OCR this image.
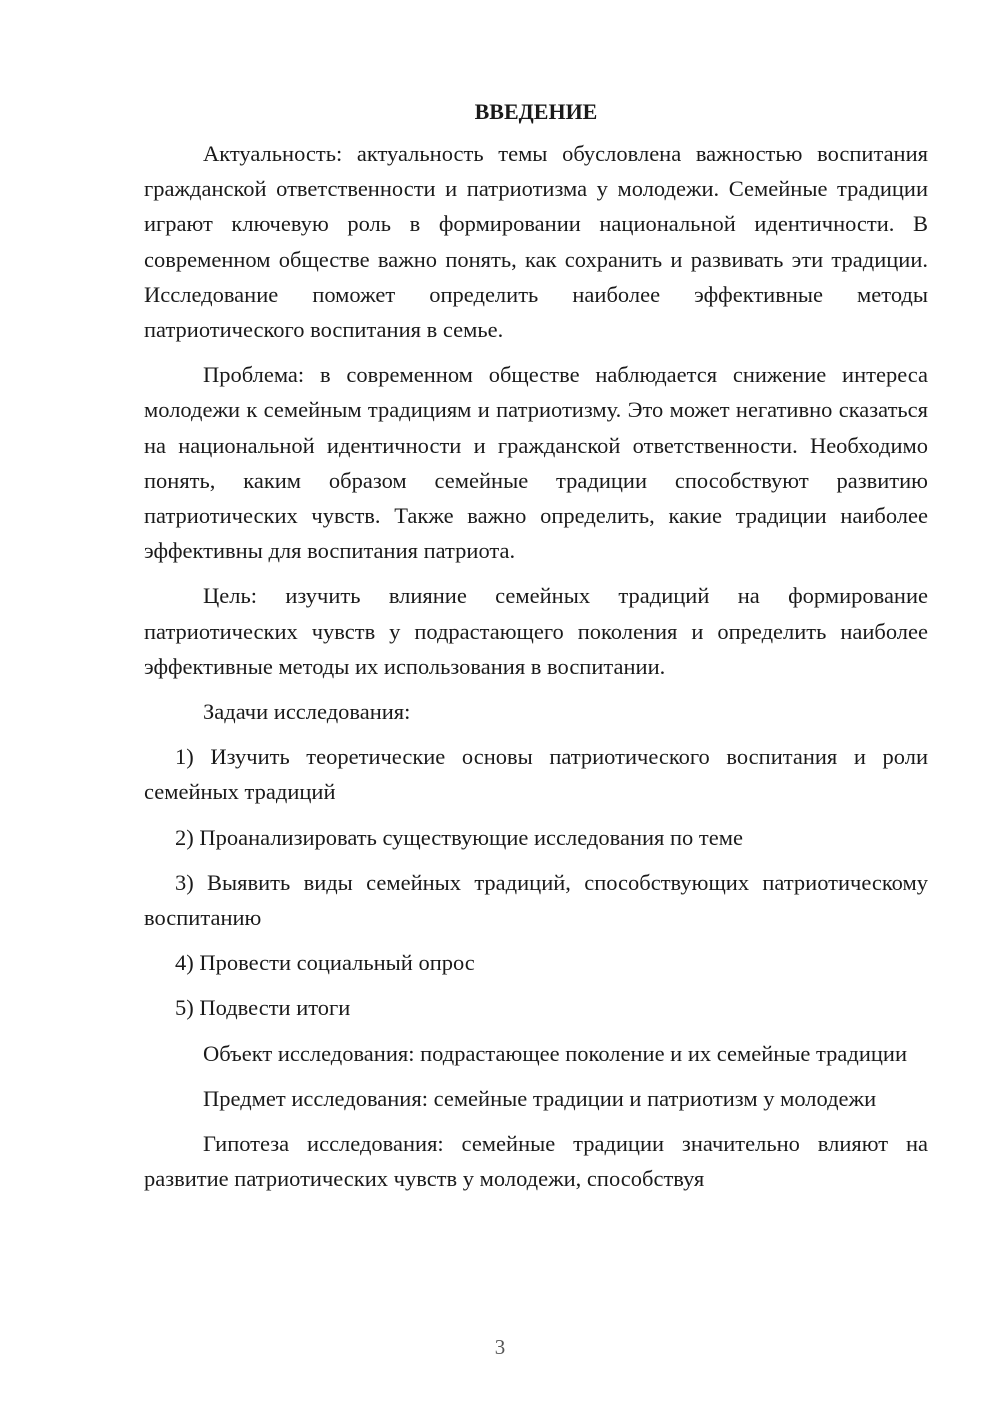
ВВЕДЕНИЕ

Актуальность: актуальность темы обусловлена важностью воспитания гражданской ответственности и патриотизма у молодежи. Семейные традиции играют ключевую роль в формировании национальной идентичности. В современном обществе важно понять, как сохранить и развивать эти традиции. Исследование поможет определить наиболее эффективные методы патриотического воспитания в семье.

Проблема: в современном обществе наблюдается снижение интереса молодежи к семейным традициям и патриотизму. Это может негативно сказаться на национальной идентичности и гражданской ответственности. Необходимо понять, каким образом семейные традиции способствуют развитию патриотических чувств. Также важно определить, какие традиции наиболее эффективны для воспитания патриота.

Цель: изучить влияние семейных традиций на формирование патриотических чувств у подрастающего поколения и определить наиболее эффективные методы их использования в воспитании.

Задачи исследования:

1) Изучить теоретические основы патриотического воспитания и роли семейных традиций

2) Проанализировать существующие исследования по теме

3) Выявить виды семейных традиций, способствующих патриотическому воспитанию

4) Провести социальный опрос

5) Подвести итоги

Объект исследования: подрастающее поколение и их семейные традиции

Предмет исследования: семейные традиции и патриотизм у молодежи

Гипотеза исследования: семейные традиции значительно влияют на развитие патриотических чувств у молодежи, способствуя

3
